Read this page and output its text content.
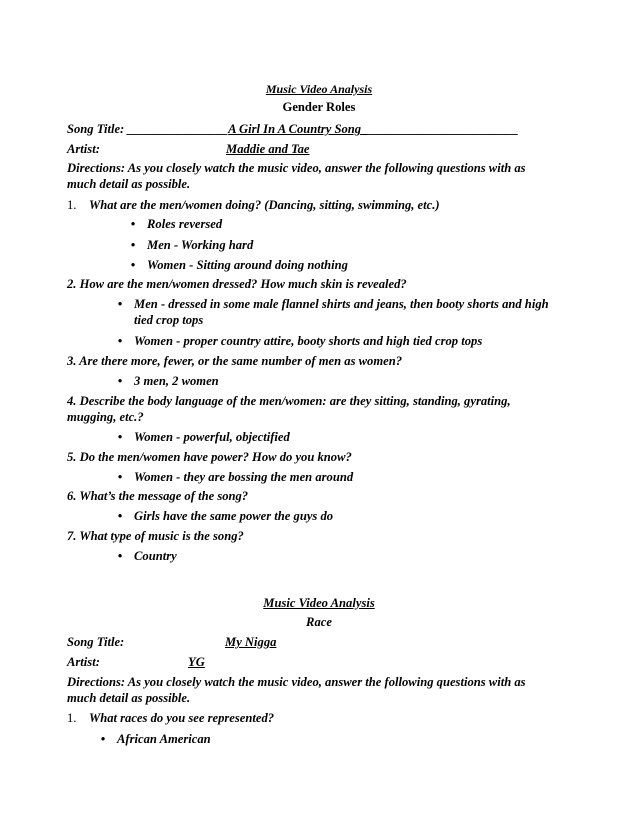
Music Video Analysis
Gender Roles
Song Title: ________________A Girl In A Country Song_________________________
Artist:	Maddie and Tae
Directions: As you closely watch the music video, answer the following questions with as
much detail as possible.
1. What are the men/women doing? (Dancing, sitting, swimming, etc.)
• Roles reversed
• Men - Working hard
• Women - Sitting around doing nothing
2. How are the men/women dressed? How much skin is revealed?
• Men - dressed in some male flannel shirts and jeans, then booty shorts and high
tied crop tops
• Women - proper country attire, booty shorts and high tied crop tops
3. Are there more, fewer, or the same number of men as women?
• 3 men, 2 women
4. Describe the body language of the men/women: are they sitting, standing, gyrating,
mugging, etc.?
• Women - powerful, objectified
5. Do the men/women have power? How do you know?
• Women - they are bossing the men around
6. What’s the message of the song?
• Girls have the same power the guys do
7. What type of music is the song?
• Country
Music Video Analysis
Race
Song Title:	My Nigga
Artist:	YG
Directions: As you closely watch the music video, answer the following questions with as
much detail as possible.
1. What races do you see represented?
• African American
